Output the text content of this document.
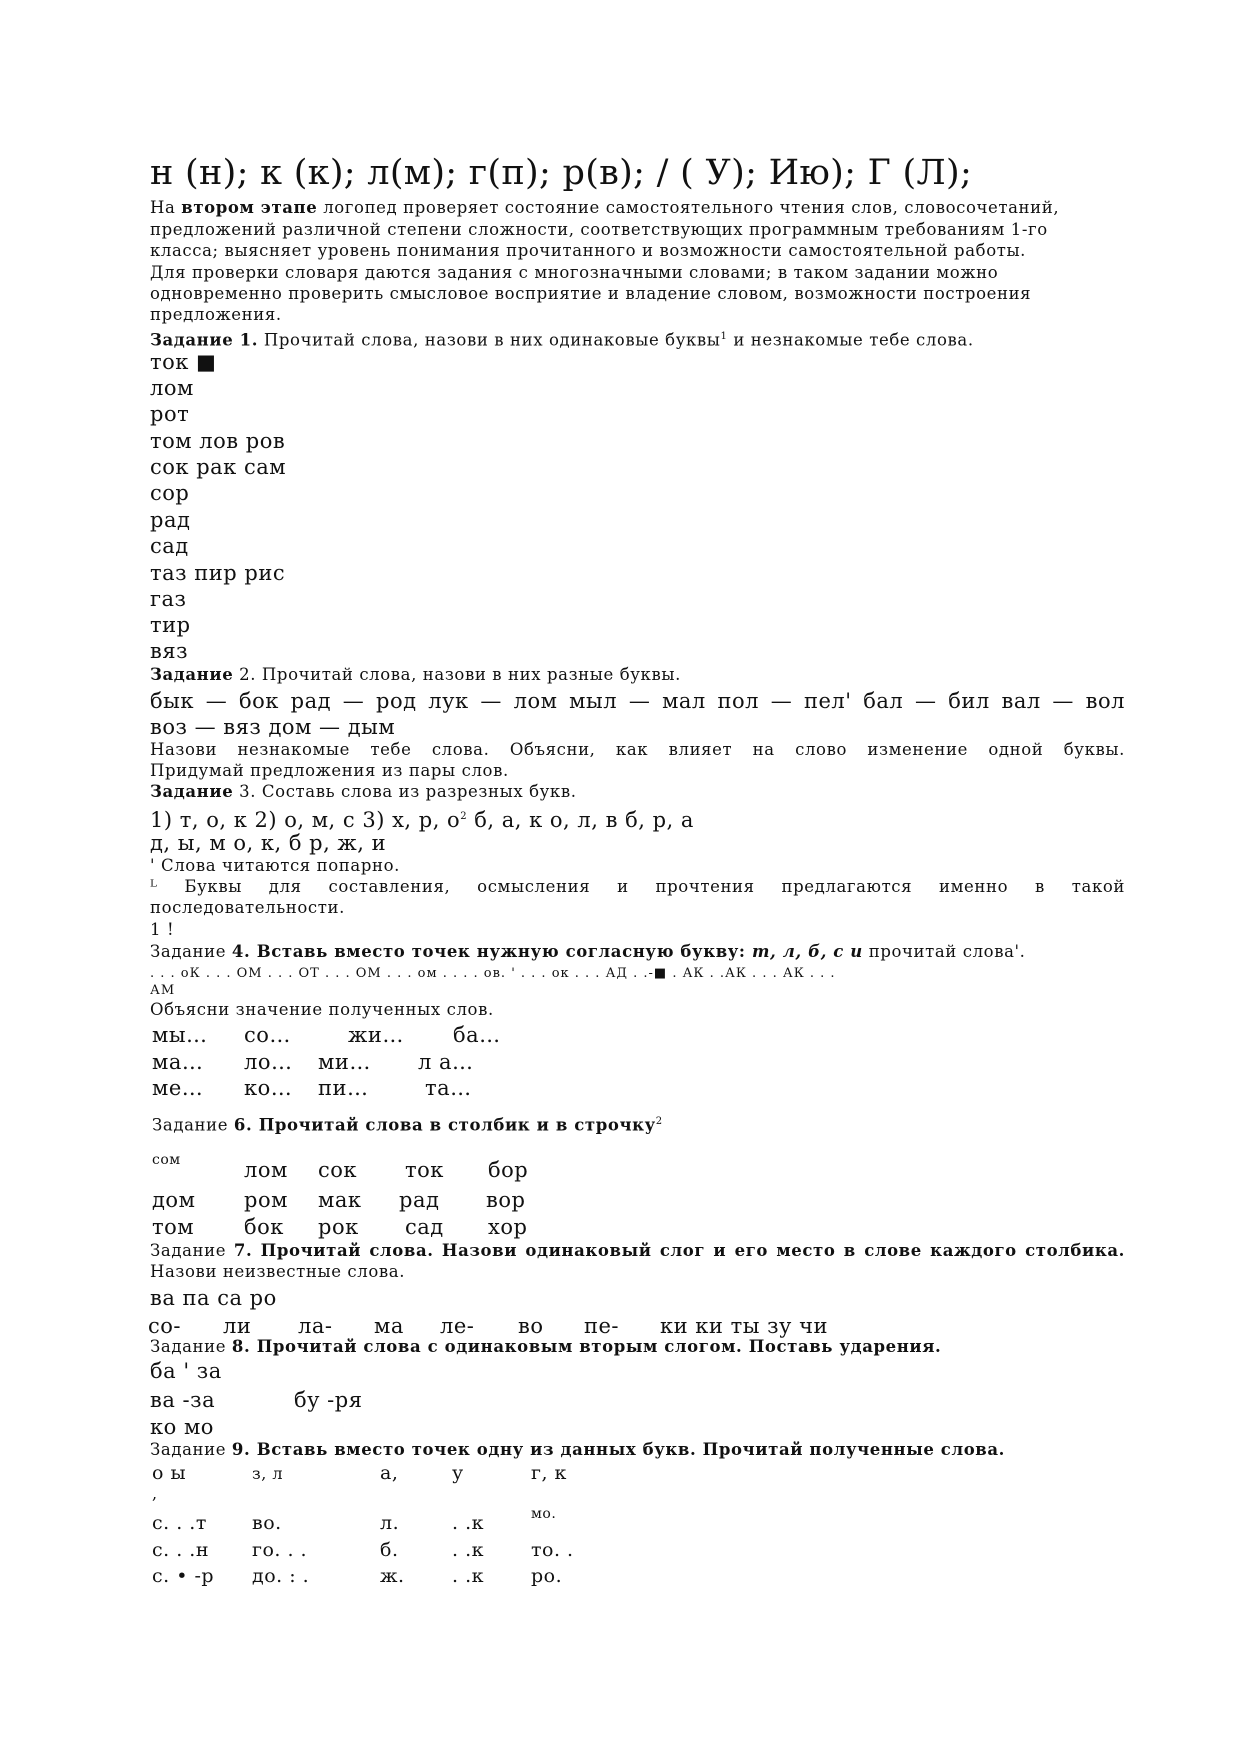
н (н); к (к); л(м); г(п); р(в); / ( У); Ию); Г (Л);
На втором этапе логопед проверяет состояние самостоятельного чтения слов, словосочетаний,
предложений различной степени сложности, соответствующих программным требованиям 1-го
класса; выясняет уровень понимания прочитанного и возможности самостоятельной работы.
Для проверки словаря даются задания с многозначными словами; в таком задании можно
одновременно проверить смысловое восприятие и владение словом, возможности построения
предложения.
Задание 1. Прочитай слова, назови в них одинаковые буквы$^1$ и незнакомые тебе слова.
ток ■
лом
рот
том лов ров
сок рак сам
сор
рад
сад
таз пир рис
газ
тир
вяз
Задание 2. Прочитай слова, назови в них разные буквы.
бык — бок рад — род лук — лом мыл — мал пол — пел' бал — бил вал — вол
воз — вяз дом — дым
Назови незнакомые тебе слова. Объясни, как влияет на слово изменение одной буквы.
Придумай предложения из пары слов.
Задание 3. Составь слова из разрезных букв.
1) т, о, к 2) о, м, с 3) х, р, $о^2$ б, а, к о, л, в б, р, а
д, ы, м о, к, б р, ж, и
' Слова читаются попарно.
ᴸ Буквы для составления, осмысления и прочтения предлагаются именно в такой
последовательности.
1 !
Задание 4. Вставь вместо точек нужную согласную букву: т, л, б, с и прочитай слова'.
. . . оК . . . ОМ . . . ОТ . . . ОМ . . . ом . . . . ов. ' . . . ок . . . АД . .-■ . АК . .АК . . . АК . . .
АМ
Объясни значение полученных слов.
мы… со…	жи… ба…
ма… ло… ми… л а…
ме… ко… пи…	та…
Задание 6. Прочитай слова в столбик и в строчку$^2$
сом	лом сок ток бор
дом ром мак рад вор
том бок рок сад хор
Задание 7. Прочитай слова. Назови одинаковый слог и его место в слове каждого столбика.
Назови неизвестные слова.
ва па са ро
со- ли ла- ма ле- во пе- ки ки ты зу чи
Задание 8. Прочитай слова с одинаковым вторым слогом. Поставь ударения.
ба ' за
ва -за	бу -ря
ко мо
Задание 9. Вставь вместо точек одну из данных букв. Прочитай полученные слова.
о ы	з, л	а,	у	г, к
,
с. . .т во.	л.	. .к	мо.
с. . .н го. . .	б.	. .к то. .
с. • -р до. : .	ж. . .к ро.
